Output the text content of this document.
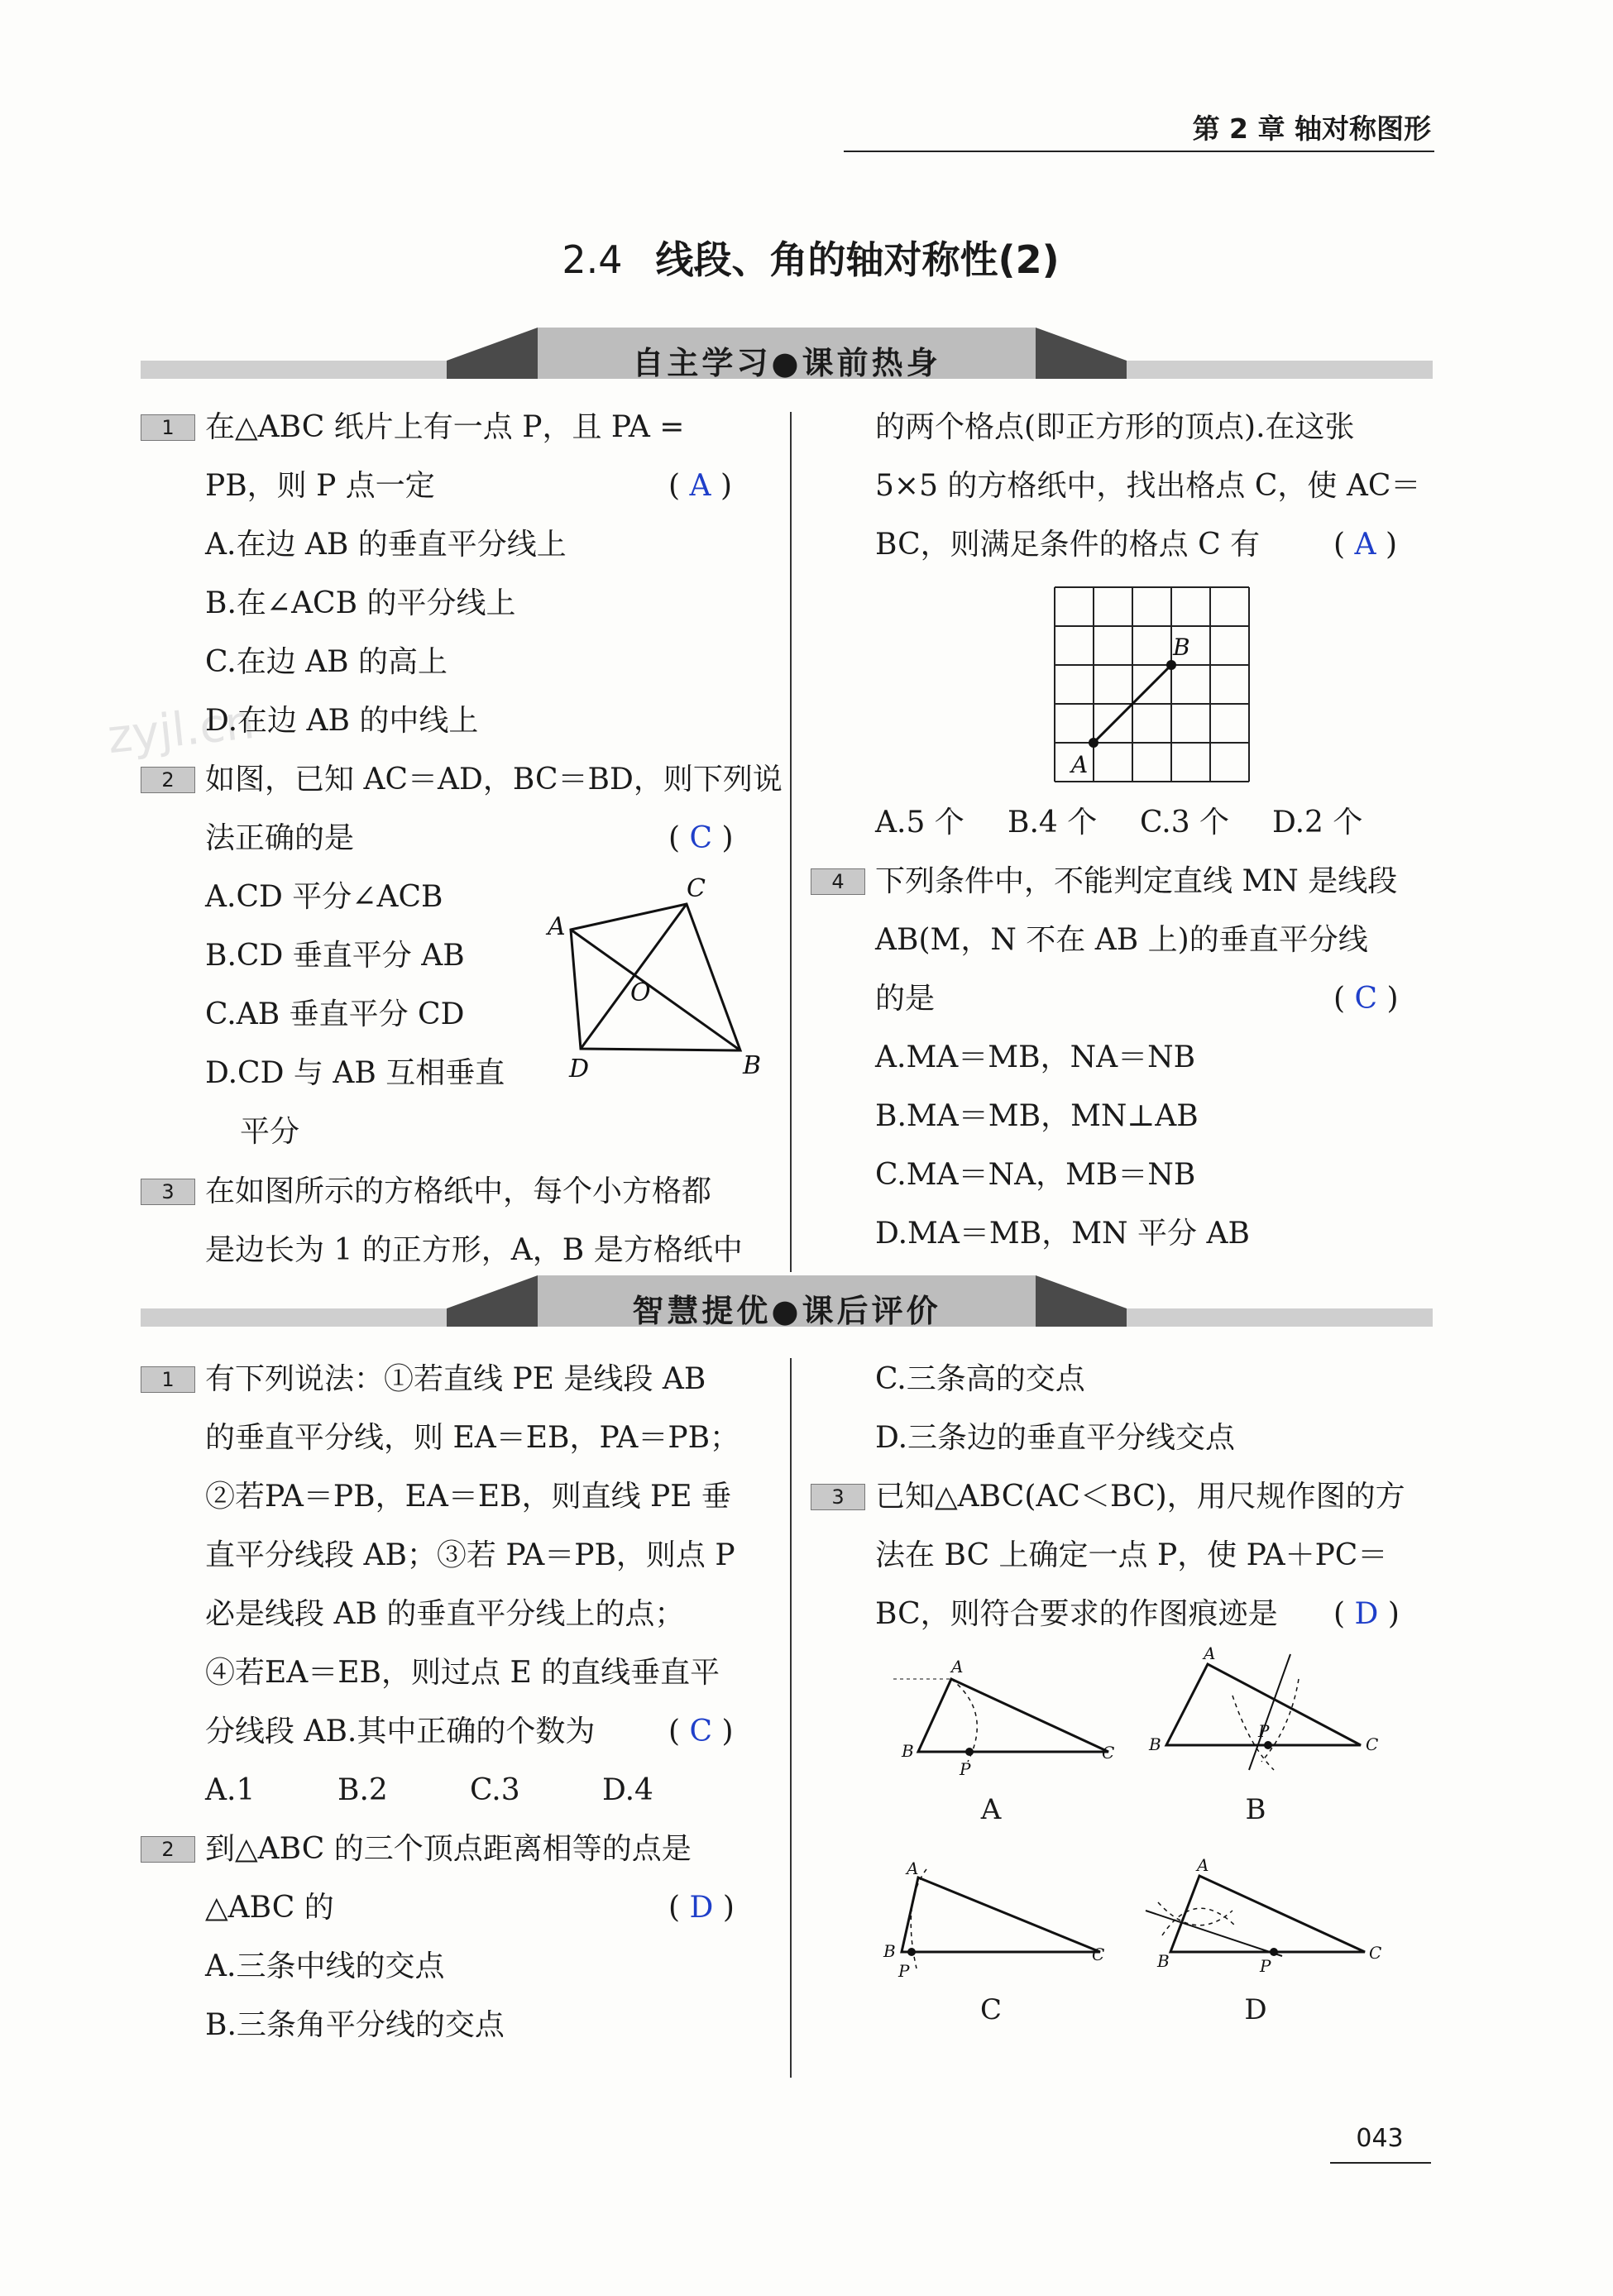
第 2 章 轴对称图形
2.4 线段、角的轴对称性(2)
zyjl.cn
自主学习●课前热身
智慧提优●课后评价
1	在△ABC 纸片上有一点 P，且 PA =
PB，则 P 点一定	( A )
A.在边 AB 的垂直平分线上
B.在∠ACB 的平分线上
C.在边 AB 的高上
D.在边 AB 的中线上
2	如图，已知 AC＝AD，BC＝BD，则下列说
法正确的是	( C )
A.CD 平分∠ACB
B.CD 垂直平分 AB
C.AB 垂直平分 CD
D.CD 与 AB 互相垂直
平分
A
C
O
D	B
3	在如图所示的方格纸中，每个小方格都
是边长为 1 的正方形，A，B 是方格纸中
的两个格点(即正方形的顶点).在这张
5×5 的方格纸中，找出格点 C，使 AC＝
BC，则满足条件的格点 C 有 ( A )
A
B
A.5 个 B.4 个 C.3 个 D.2 个
4	下列条件中，不能判定直线 MN 是线段
AB(M，N 不在 AB 上)的垂直平分线
的是	( C )
A.MA＝MB，NA＝NB
B.MA＝MB，MN⊥AB
C.MA＝NA，MB＝NB
D.MA＝MB，MN 平分 AB
1	有下列说法：①若直线 PE 是线段 AB
的垂直平分线，则 EA＝EB，PA＝PB；
②若PA＝PB，EA＝EB，则直线 PE 垂
直平分线段 AB；③若 PA＝PB，则点 P
必是线段 AB 的垂直平分线上的点；
④若EA＝EB，则过点 E 的直线垂直平
分线段 AB.其中正确的个数为 ( C )
A.1	B.2	C.3	D.4
2	到△ABC 的三个顶点距离相等的点是
△ABC 的	( D )
A.三条中线的交点
B.三条角平分线的交点
C.三条高的交点
D.三条边的垂直平分线交点
3	已知△ABC(AC＜BC)，用尺规作图的方
法在 BC 上确定一点 P，使 PA＋PC＝
BC，则符合要求的作图痕迹是 ( D )
A
B	C
P
A
A
B	C
P
B
A
B	C
P
C
A
B	C
P
D
043
